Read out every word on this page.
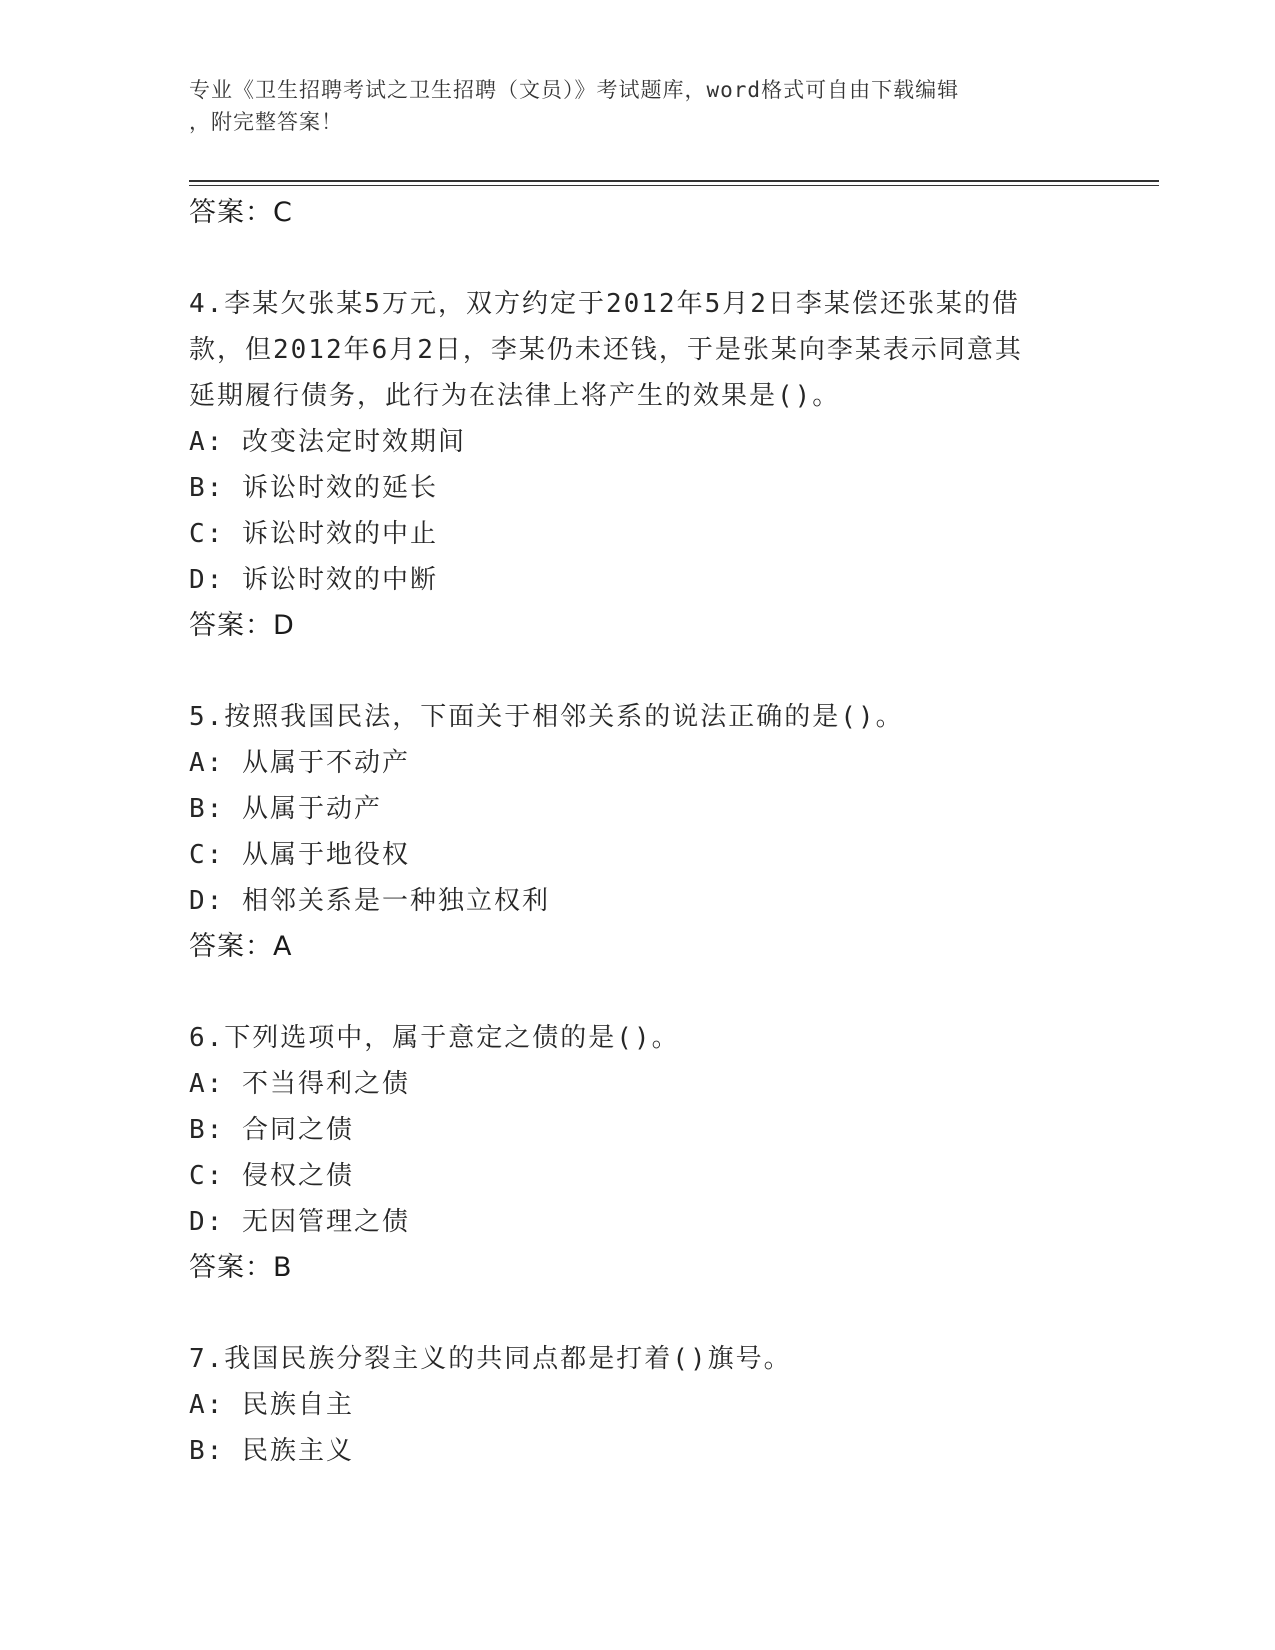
专业《卫生招聘考试之卫生招聘（文员）》考试题库，word格式可自由下载编辑
，附完整答案！
答案：C
4.李某欠张某5万元，双方约定于2012年5月2日李某偿还张某的借
款，但2012年6月2日，李某仍未还钱，于是张某向李某表示同意其
延期履行债务，此行为在法律上将产生的效果是()。
A: 改变法定时效期间
B: 诉讼时效的延长
C: 诉讼时效的中止
D: 诉讼时效的中断
答案：D
5.按照我国民法，下面关于相邻关系的说法正确的是()。
A: 从属于不动产
B: 从属于动产
C: 从属于地役权
D: 相邻关系是一种独立权利
答案：A
6.下列选项中，属于意定之债的是()。
A: 不当得利之债
B: 合同之债
C: 侵权之债
D: 无因管理之债
答案：B
7.我国民族分裂主义的共同点都是打着()旗号。
A: 民族自主
B: 民族主义
